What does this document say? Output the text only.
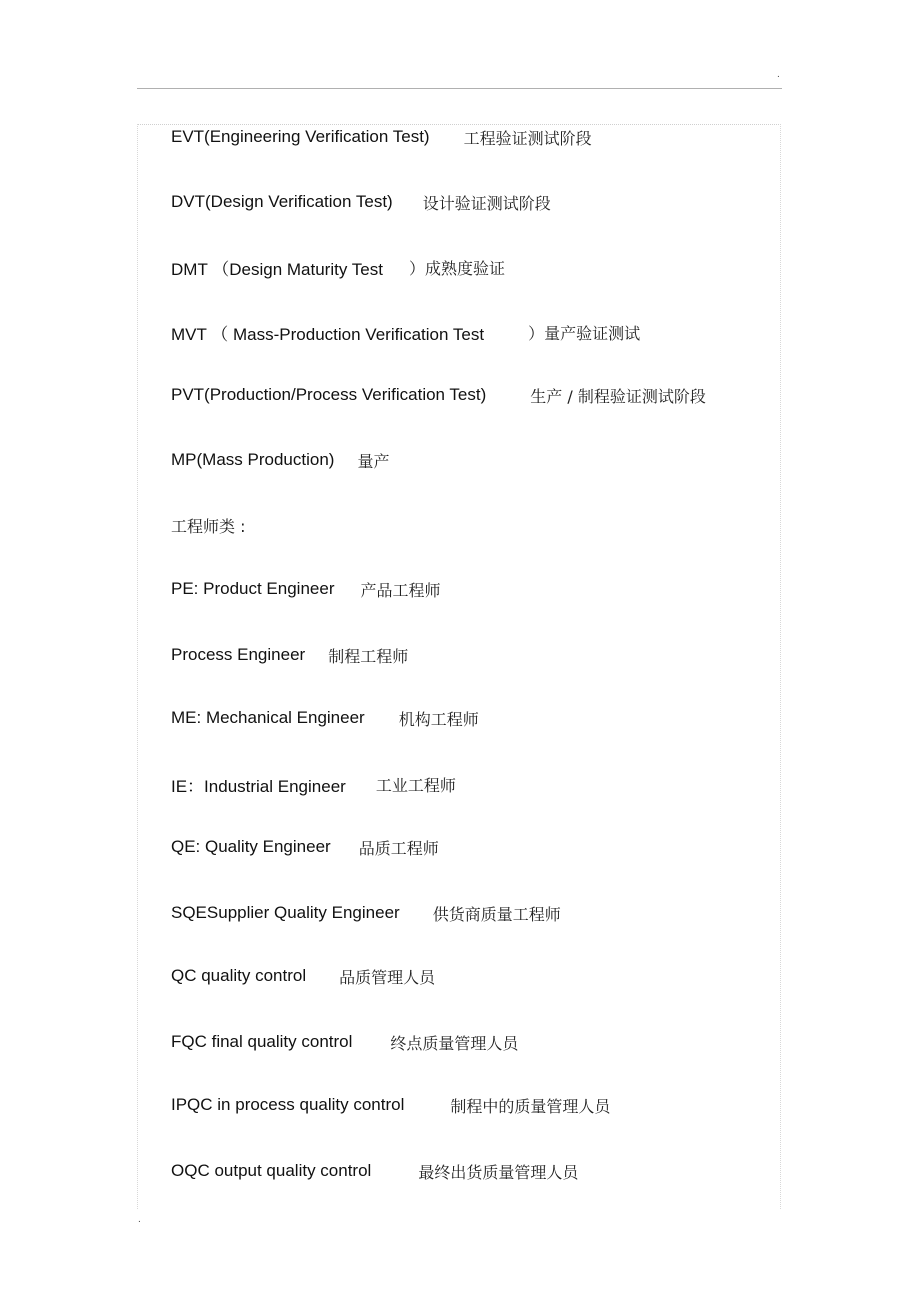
.
EVT(Engineering Verification Test) 工程验证测试阶段
DVT(Design Verification Test) 设计验证测试阶段
DMT （Design Maturity Test ）成熟度验证
MVT （ Mass-Production Verification Test	）量产验证测试
PVT(Production/Process Verification Test)	生产 / 制程验证测试阶段
MP(Mass Production) 量产
工程师类 :
PE: Product Engineer 产品工程师
Process Engineer 制程工程师
ME: Mechanical Engineer 机构工程师
IE：Industrial Engineer 工业工程师
QE: Quality Engineer 品质工程师
SQESupplier Quality Engineer 供货商质量工程师
QC quality control 品质管理人员
FQC final quality control 终点质量管理人员
IPQC in process quality control	制程中的质量管理人员
OQC output quality control	最终出货质量管理人员
.
